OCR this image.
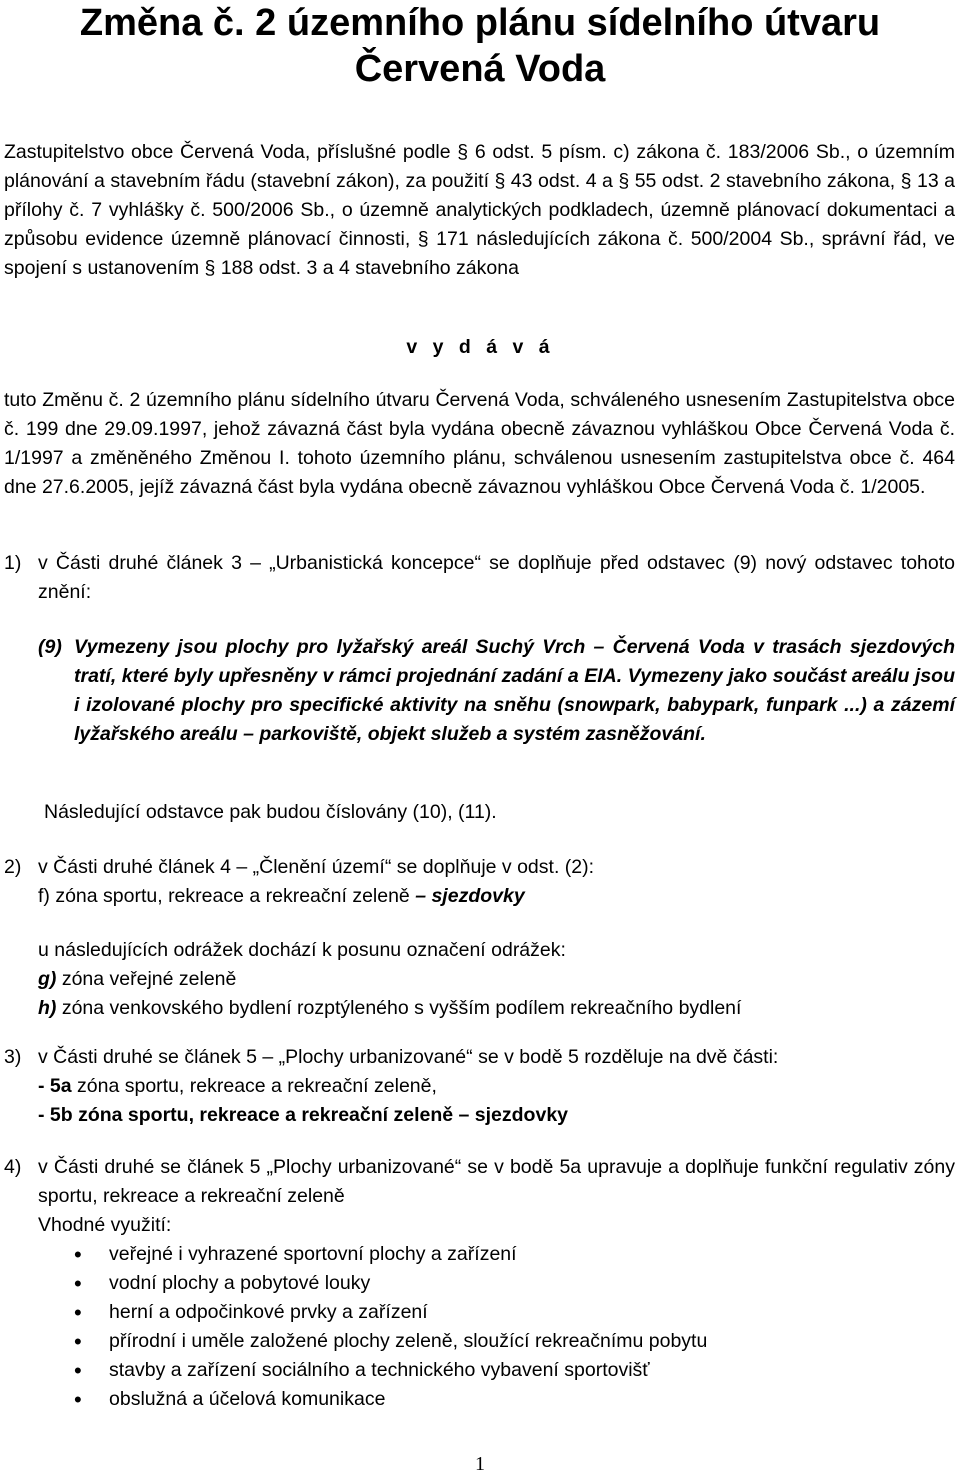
Změna č. 2 územního plánu sídelního útvaru
Červená Voda
Zastupitelstvo obce Červená Voda, příslušné podle § 6 odst. 5 písm. c) zákona č. 183/2006 Sb., o územním plánování a stavebním řádu (stavební zákon), za použití § 43 odst. 4 a § 55 odst. 2 stavebního zákona, § 13 a přílohy č. 7 vyhlášky č. 500/2006 Sb., o územně analytických podkladech, územně plánovací dokumentaci a způsobu evidence územně plánovací činnosti, § 171 následujících zákona č. 500/2004 Sb., správní řád, ve spojení s ustanovením § 188 odst. 3 a 4 stavebního zákona
v y d á v á
tuto Změnu č. 2 územního plánu sídelního útvaru Červená Voda, schváleného usnesením Zastupitelstva obce č. 199 dne 29.09.1997, jehož závazná část byla vydána obecně závaznou vyhláškou Obce Červená Voda č. 1/1997 a změněného Změnou I. tohoto územního plánu, schválenou usnesením zastupitelstva obce č. 464 dne 27.6.2005, jejíž závazná část byla vydána obecně závaznou vyhláškou Obce Červená Voda č. 1/2005.
1) v Části druhé článek 3 – „Urbanistická koncepce“ se doplňuje před odstavec (9) nový odstavec tohoto znění:
(9) Vymezeny jsou plochy pro lyžařský areál Suchý Vrch – Červená Voda v trasách sjezdových tratí, které byly upřesněny v rámci projednání zadání a EIA. Vymezeny jako součást areálu jsou i izolované plochy pro specifické aktivity na sněhu (snowpark, babypark, funpark ...) a zázemí lyžařského areálu – parkoviště, objekt služeb a systém zasněžování.
Následující odstavce pak budou číslovány (10), (11).
2) v Části druhé článek 4 – „Členění území“ se doplňuje v odst. (2):
f) zóna sportu, rekreace a rekreační zeleně – sjezdovky
u následujících odrážek dochází k posunu označení odrážek:
g) zóna veřejné zeleně
h) zóna venkovského bydlení rozptýleného s vyšším podílem rekreačního bydlení
3) v Části druhé se článek 5 – „Plochy urbanizované“ se v bodě 5 rozděluje na dvě části:
- 5a zóna sportu, rekreace a rekreační zeleně,
- 5b zóna sportu, rekreace a rekreační zeleně – sjezdovky
4) v Části druhé se článek 5 „Plochy urbanizované“ se v bodě 5a upravuje a doplňuje funkční regulativ zóny sportu, rekreace a rekreační zeleně
Vhodné využití:
• veřejné i vyhrazené sportovní plochy a zařízení
• vodní plochy a pobytové louky
• herní a odpočinkové prvky a zařízení
• přírodní i uměle založené plochy zeleně, sloužící rekreačnímu pobytu
• stavby a zařízení sociálního a technického vybavení sportovišť
• obslužná a účelová komunikace
1
